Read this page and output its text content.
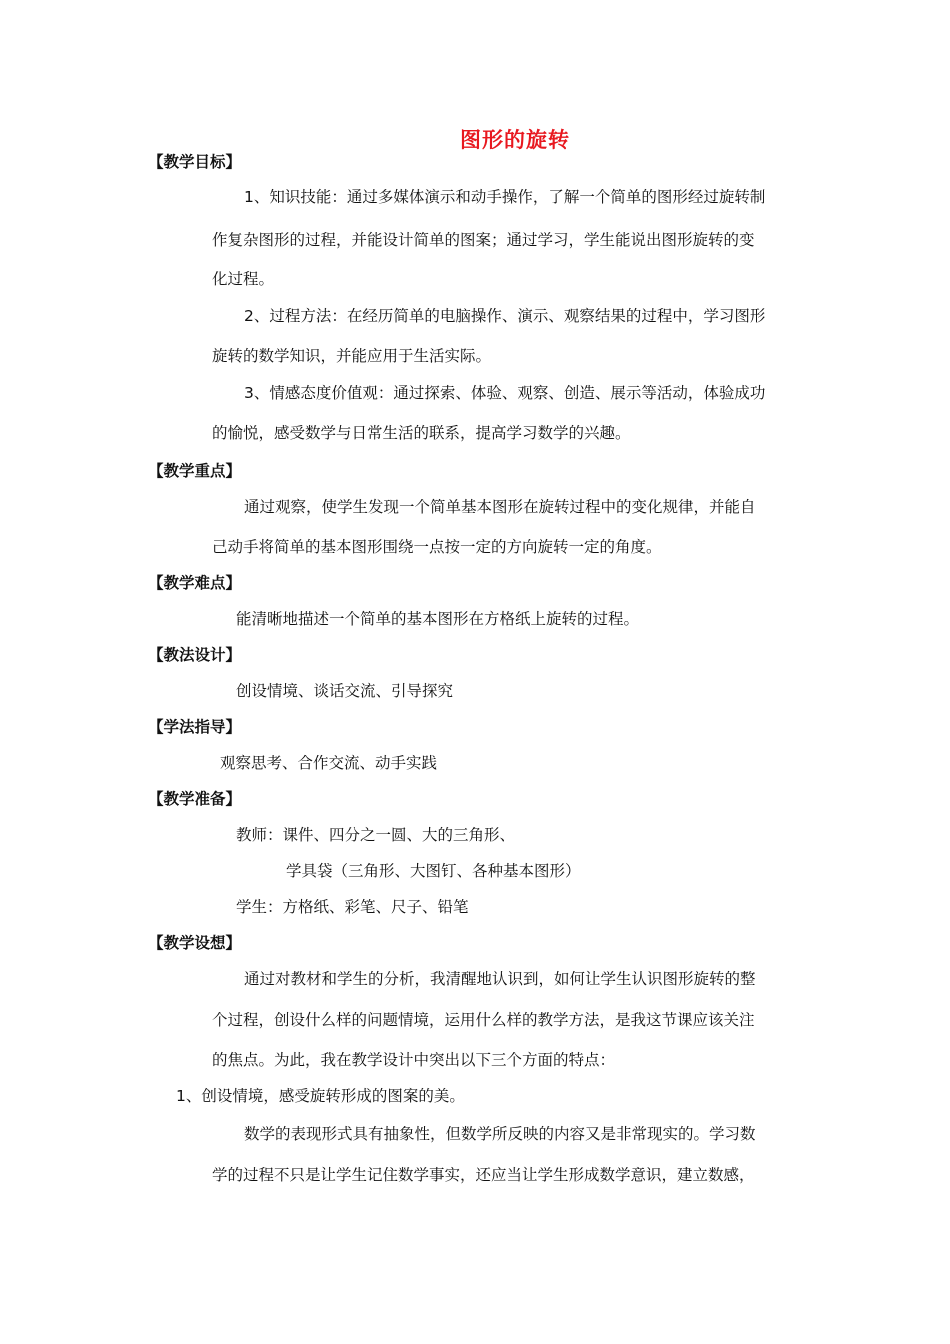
图形的旋转
【教学目标】
1、知识技能：通过多媒体演示和动手操作，了解一个简单的图形经过旋转制
作复杂图形的过程，并能设计简单的图案；通过学习，学生能说出图形旋转的变
化过程。
2、过程方法：在经历简单的电脑操作、演示、观察结果的过程中，学习图形
旋转的数学知识，并能应用于生活实际。
3、情感态度价值观：通过探索、体验、观察、创造、展示等活动，体验成功
的愉悦，感受数学与日常生活的联系，提高学习数学的兴趣。
【教学重点】
通过观察，使学生发现一个简单基本图形在旋转过程中的变化规律，并能自
己动手将简单的基本图形围绕一点按一定的方向旋转一定的角度。
【教学难点】
能清晰地描述一个简单的基本图形在方格纸上旋转的过程。
【教法设计】
创设情境、谈话交流、引导探究
【学法指导】
观察思考、合作交流、动手实践
【教学准备】
教师：课件、四分之一圆、大的三角形、
学具袋（三角形、大图钉、各种基本图形）
学生：方格纸、彩笔、尺子、铅笔
【教学设想】
通过对教材和学生的分析，我清醒地认识到，如何让学生认识图形旋转的整
个过程，创设什么样的问题情境，运用什么样的教学方法，是我这节课应该关注
的焦点。为此，我在教学设计中突出以下三个方面的特点：
1、创设情境，感受旋转形成的图案的美。
数学的表现形式具有抽象性，但数学所反映的内容又是非常现实的。学习数
学的过程不只是让学生记住数学事实，还应当让学生形成数学意识，建立数感，
